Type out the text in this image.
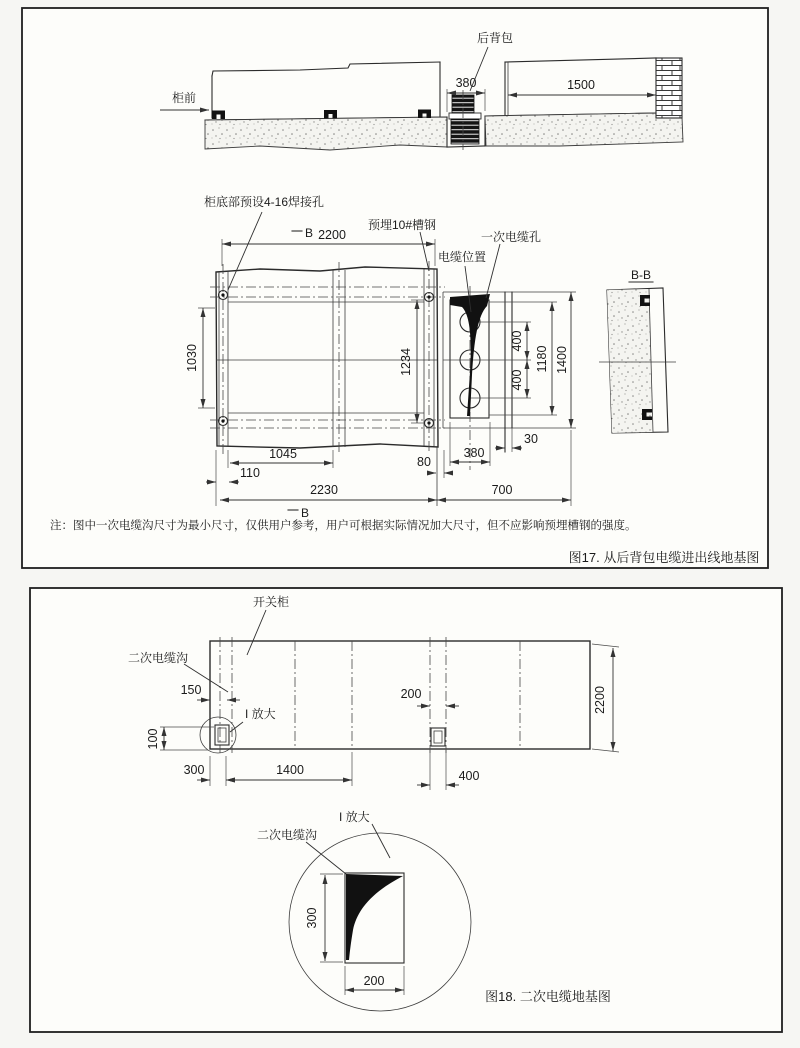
380	1500
后背包
柜前
B 2200
1030	1234
400
400
1180 1400
30
380
80
2230	700
110
1045
B
柜底部预设4-16焊接孔
预埋10#槽钢
一次电缆孔
电缆位置
B-B
注：图中一次电缆沟尺寸为最小尺寸，仅供用户参考，用户可根据实际情况加大尺寸，但不应影响预埋槽钢的强度。
图17. 从后背包电缆进出线地基图
150
100
300	1400
200
400
2200
开关柜
二次电缆沟
I 放大
300
200
二次电缆沟
I 放大
图18. 二次电缆地基图
